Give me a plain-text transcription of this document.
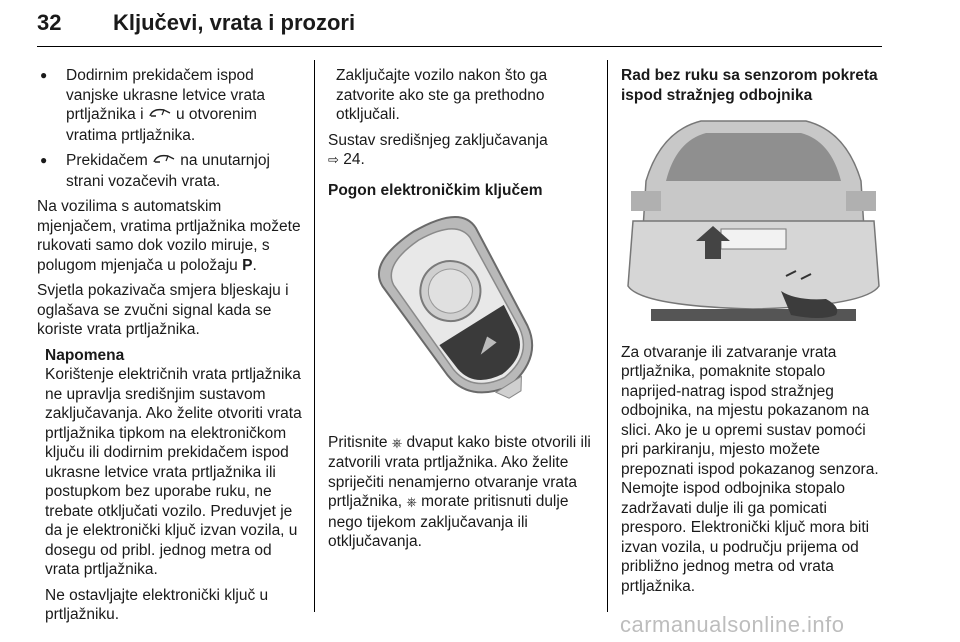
32 Ključevi, vrata i prozori
● Dodirnim prekidačem ispod vanjske ukrasne letvice vrata prtljažnika i u otvorenim vratima prtljažnika.
● Prekidačem na unutarnjoj strani vozačevih vrata.

Na vozilima s automatskim mjenjačem, vratima prtljažnika možete rukovati samo dok vozilo miruje, s polugom mjenjača u položaju P.

Svjetla pokazivača smjera bljeskaju i oglašava se zvučni signal kada se koriste vrata prtljažnika.

Napomena

Korištenje električnih vrata prtljažnika ne upravlja središnjim sustavom zaključavanja. Ako želite otvoriti vrata prtljažnika tipkom na elektroničkom ključu ili dodirnim prekidačem ispod ukrasne letvice vrata prtljažnika ili postupkom bez uporabe ruku, ne trebate otključati vozilo. Preduvjet je da je elektronički ključ izvan vozila, u dosegu od pribl. jednog metra od vrata prtljažnika.

Ne ostavljajte elektronički ključ u prtljažniku.

Zaključajte vozilo nakon što ga zatvorite ako ste ga prethodno otključali.

Sustav središnjeg zaključavanja
⇨ 24.

Pogon elektroničkim ključem

Pritisnite ⎈ dvaput kako biste otvorili ili zatvorili vrata prtljažnika. Ako želite spriječiti nenamjerno otvaranje vrata prtljažnika, ⎈ morate pritisnuti dulje nego tijekom zaključavanja ili otključavanja.

Rad bez ruku sa senzorom pokreta ispod stražnjeg odbojnika

Za otvaranje ili zatvaranje vrata prtljažnika, pomaknite stopalo naprijed-natrag ispod stražnjeg odbojnika, na mjestu pokazanom na slici. Ako je u opremi sustav pomoći pri parkiranju, mjesto možete prepoznati ispod pokazanog senzora. Nemojte ispod odbojnika stopalo zadržavati dulje ili ga pomicati presporo. Elektronički ključ mora biti izvan vozila, u području prijema od približno jednog metra od vrata prtljažnika.

carmanualsonline.info
